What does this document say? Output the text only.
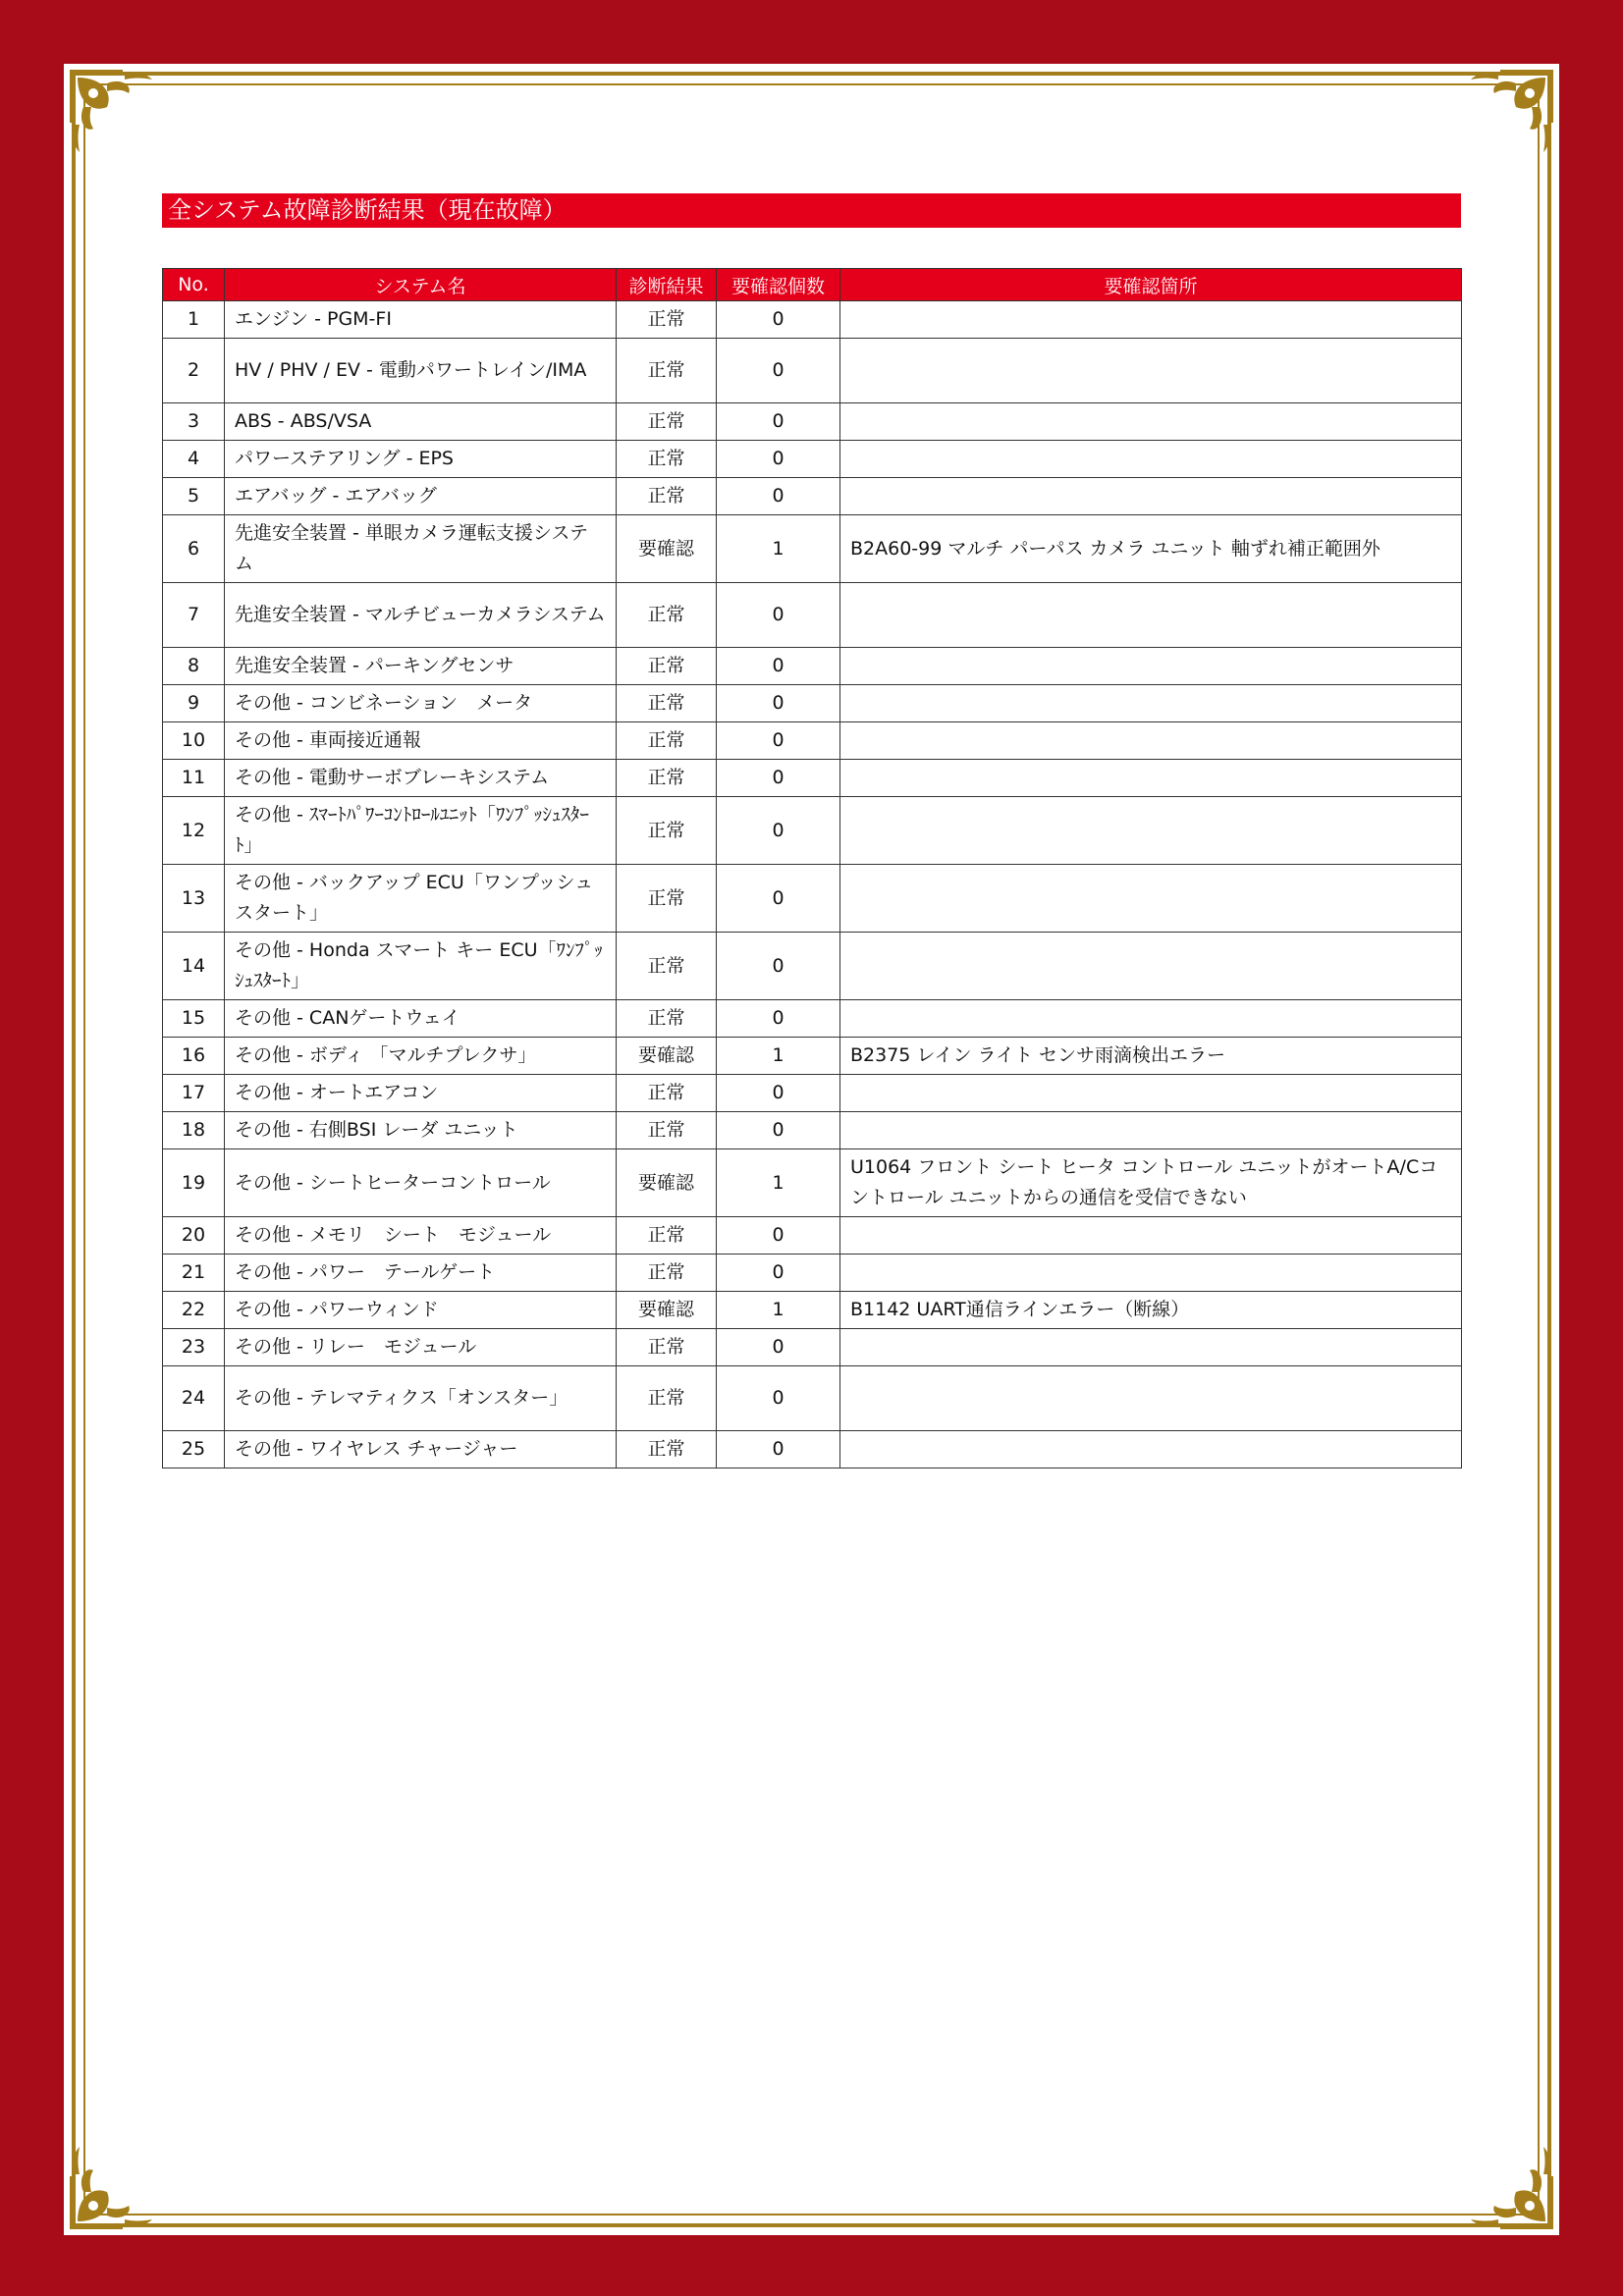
全システム故障診断結果（現在故障）
No.	システム名	診断結果	要確認個数	要確認箇所
1	エンジン - PGM-FI	正常	0	
2	HV / PHV / EV - 電動パワートレイン/IMA	正常	0	
3	ABS - ABS/VSA	正常	0	
4	パワーステアリング - EPS	正常	0	
5	エアバッグ - エアバッグ	正常	0	
6	先進安全装置 - 単眼カメラ運転支援システム	要確認	1	B2A60-99 マルチ パーパス カメラ ユニット 軸ずれ補正範囲外
7	先進安全装置 - マルチビューカメラシステム	正常	0	
8	先進安全装置 - パーキングセンサ	正常	0	
9	その他 - コンビネーション　メータ	正常	0	
10	その他 - 車両接近通報	正常	0	
11	その他 - 電動サーボブレーキシステム	正常	0	
12	その他 - ｽﾏｰﾄﾊﾟﾜｰｺﾝﾄﾛｰﾙﾕﾆｯﾄ「ﾜﾝﾌﾟｯｼｭｽﾀｰﾄ」	正常	0	
13	その他 - バックアップ ECU「ワンプッシュスタート」	正常	0	
14	その他 - Honda スマート キー ECU「ﾜﾝﾌﾟｯｼｭｽﾀｰﾄ」	正常	0	
15	その他 - CANゲートウェイ	正常	0	
16	その他 - ボディ 「マルチプレクサ」	要確認	1	B2375 レイン ライト センサ雨滴検出エラー
17	その他 - オートエアコン	正常	0	
18	その他 - 右側BSI レーダ ユニット	正常	0	
19	その他 - シートヒーターコントロール	要確認	1	U1064 フロント シート ヒータ コントロール ユニットがオートA/Cコントロール ユニットからの通信を受信できない
20	その他 - メモリ　シート　モジュール	正常	0	
21	その他 - パワー　テールゲート	正常	0	
22	その他 - パワーウィンド	要確認	1	B1142 UART通信ラインエラー（断線）
23	その他 - リレー　モジュール	正常	0	
24	その他 - テレマティクス「オンスター」	正常	0	
25	その他 - ワイヤレス チャージャー	正常	0	
